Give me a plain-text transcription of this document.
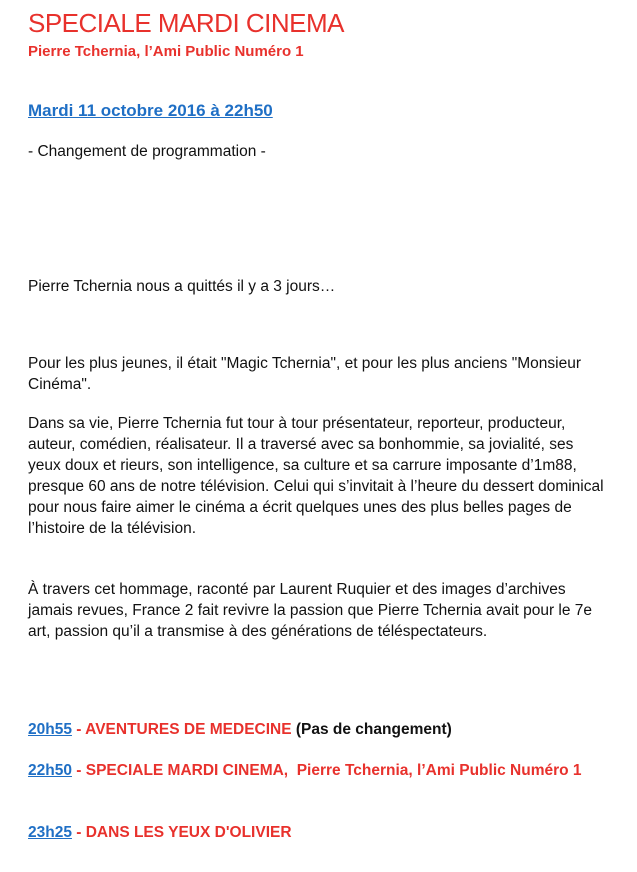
SPECIALE MARDI CINEMA
Pierre Tchernia, l’Ami Public Numéro 1
Mardi 11 octobre 2016 à 22h50
- Changement de programmation -
Pierre Tchernia nous a quittés il y a 3 jours…
Pour les plus jeunes, il était "Magic Tchernia", et pour les plus anciens "Monsieur Cinéma".
Dans sa vie, Pierre Tchernia fut tour à tour présentateur, reporteur, producteur, auteur, comédien, réalisateur. Il a traversé avec sa bonhommie, sa jovialité, ses yeux doux et rieurs, son intelligence, sa culture et sa carrure imposante d’1m88, presque 60 ans de notre télévision. Celui qui s’invitait à l’heure du dessert dominical pour nous faire aimer le cinéma a écrit quelques unes des plus belles pages de l’histoire de la télévision.
À travers cet hommage, raconté par Laurent Ruquier et des images d’archives jamais revues, France 2 fait revivre la passion que Pierre Tchernia avait pour le 7e art, passion qu’il a transmise à des générations de téléspectateurs.
20h55 - AVENTURES DE MEDECINE (Pas de changement)
22h50 - SPECIALE MARDI CINEMA,  Pierre Tchernia, l’Ami Public Numéro 1
23h25 - DANS LES YEUX D'OLIVIER
